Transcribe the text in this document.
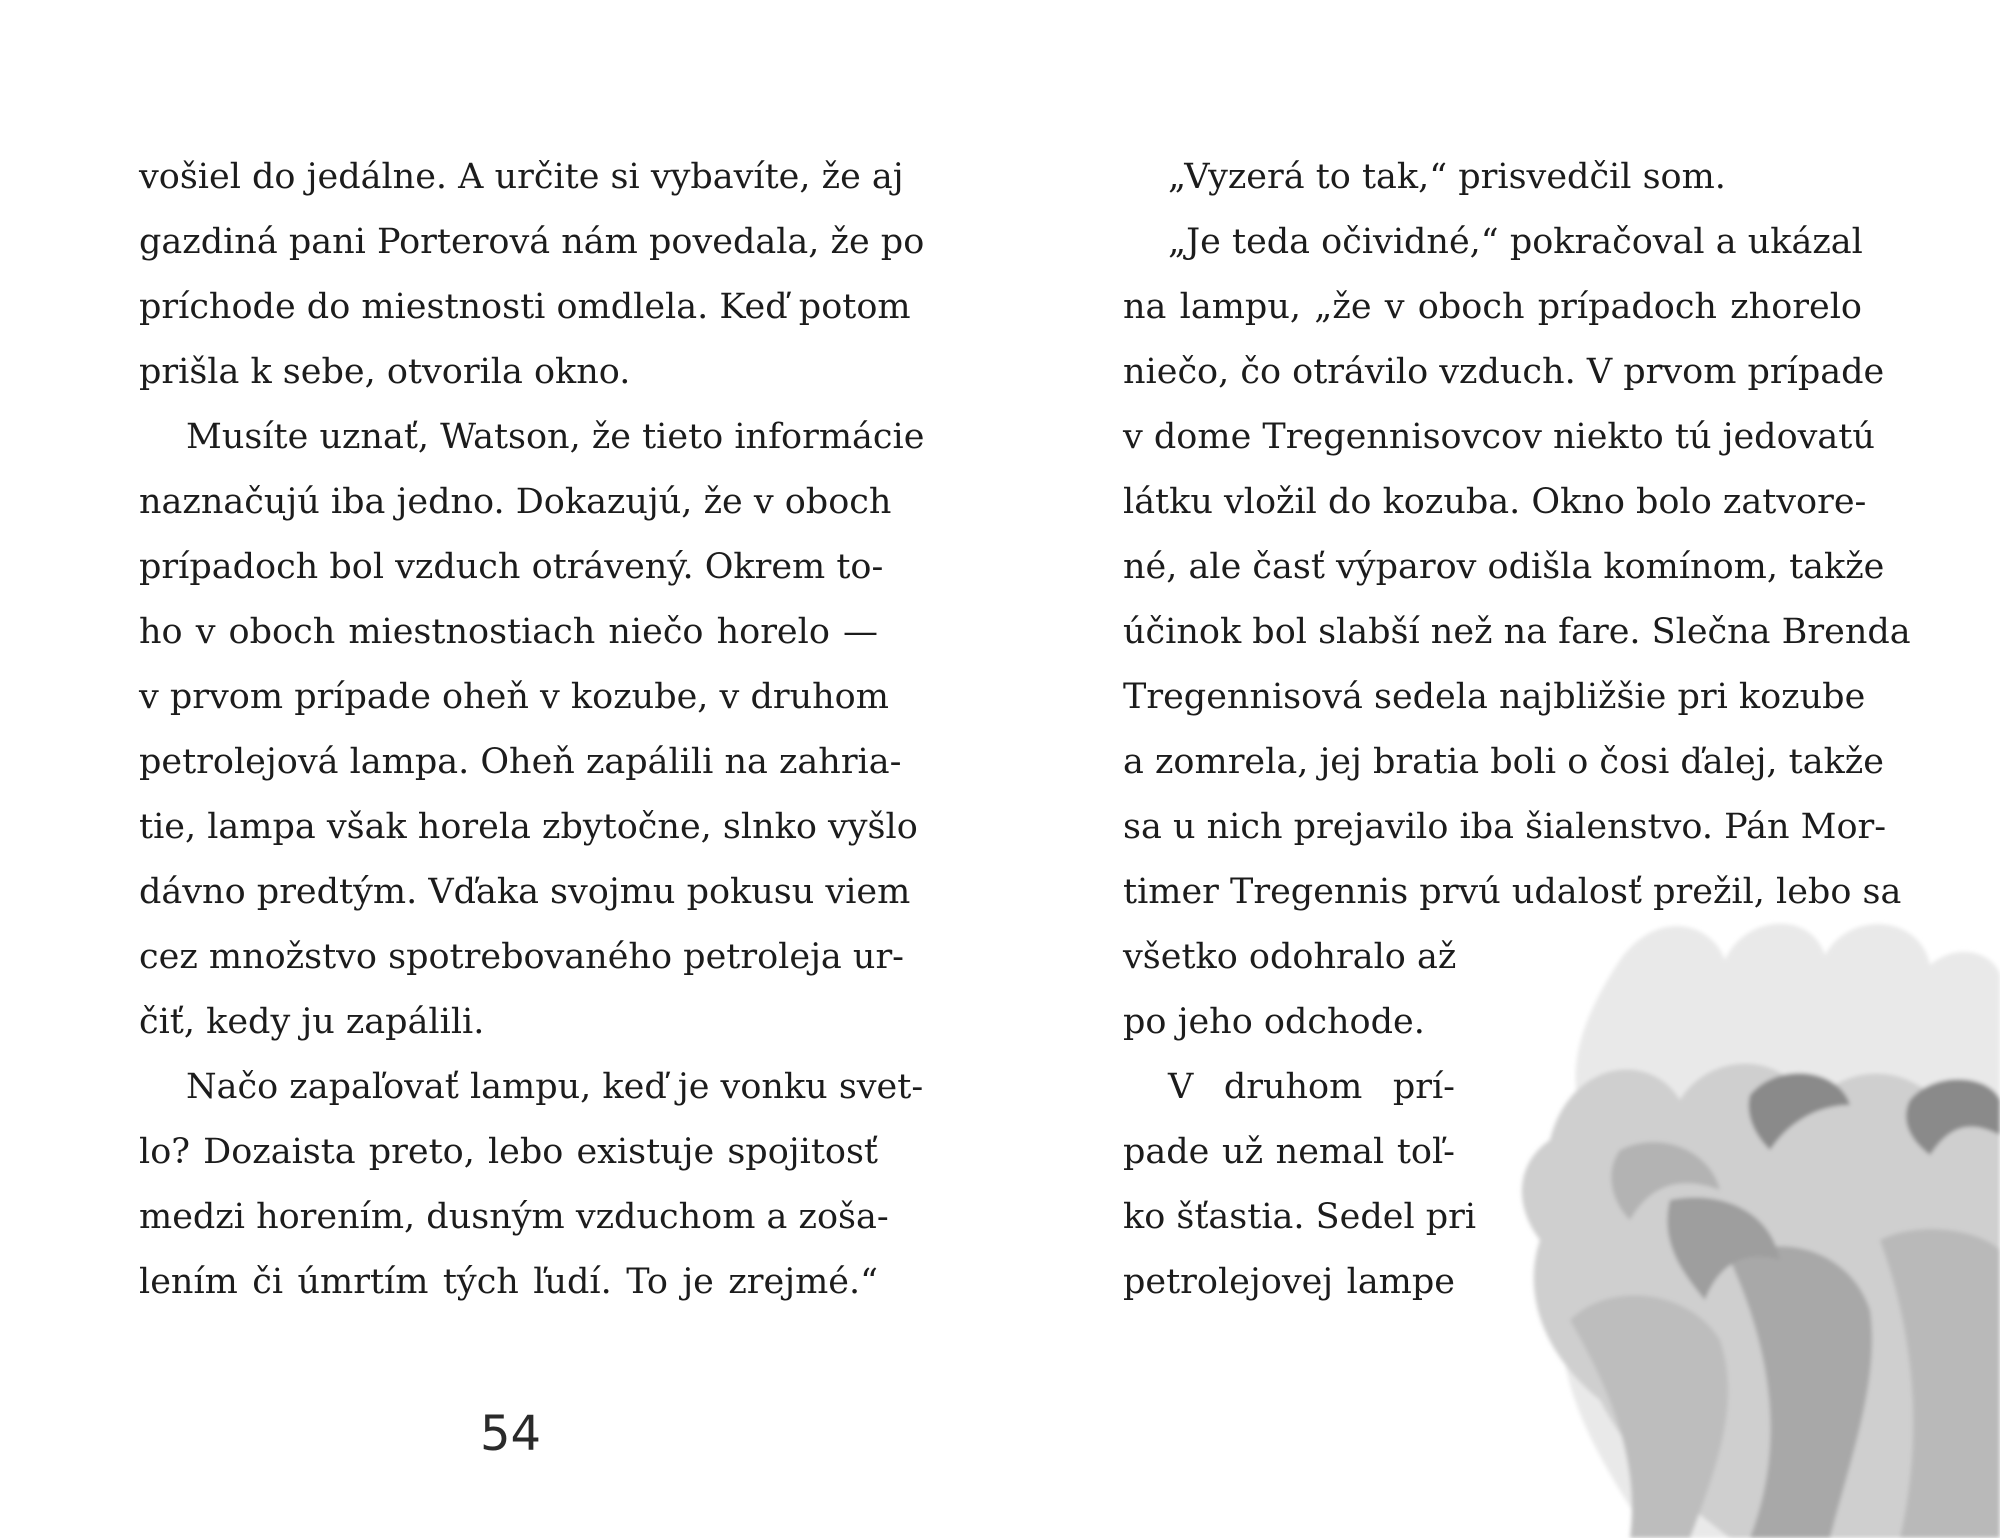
vošiel do jedálne. A určite si vybavíte, že aj
gazdiná pani Porterová nám povedala, že po
príchode do miestnosti omdlela. Keď potom
prišla k sebe, otvorila okno.
Musíte uznať, Watson, že tieto informácie
naznačujú iba jedno. Dokazujú, že v oboch
prípadoch bol vzduch otrávený. Okrem to-
ho v oboch miestnostiach niečo horelo —
v prvom prípade oheň v kozube, v druhom
petrolejová lampa. Oheň zapálili na zahria-
tie, lampa však horela zbytočne, slnko vyšlo
dávno predtým. Vďaka svojmu pokusu viem
cez množstvo spotrebovaného petroleja ur-
čiť, kedy ju zapálili.
Načo zapaľovať lampu, keď je vonku svet-
lo? Dozaista preto, lebo existuje spojitosť
medzi horením, dusným vzduchom a zoša-
lením či úmrtím tých ľudí. To je zrejmé.“
54
„Vyzerá to tak,“ prisvedčil som.
„Je teda očividné,“ pokračoval a ukázal
na lampu, „že v oboch prípadoch zhorelo
niečo, čo otrávilo vzduch. V prvom prípade
v dome Tregennisovcov niekto tú jedovatú
látku vložil do kozuba. Okno bolo zatvore-
né, ale časť výparov odišla komínom, takže
účinok bol slabší než na fare. Slečna Brenda
Tregennisová sedela najbližšie pri kozube
a zomrela, jej bratia boli o čosi ďalej, takže
sa u nich prejavilo iba šialenstvo. Pán Mor-
timer Tregennis prvú udalosť prežil, lebo sa
všetko odohralo až
po jeho odchode.
V druhom prí-
pade už nemal toľ-
ko šťastia. Sedel pri
petrolejovej lampe
